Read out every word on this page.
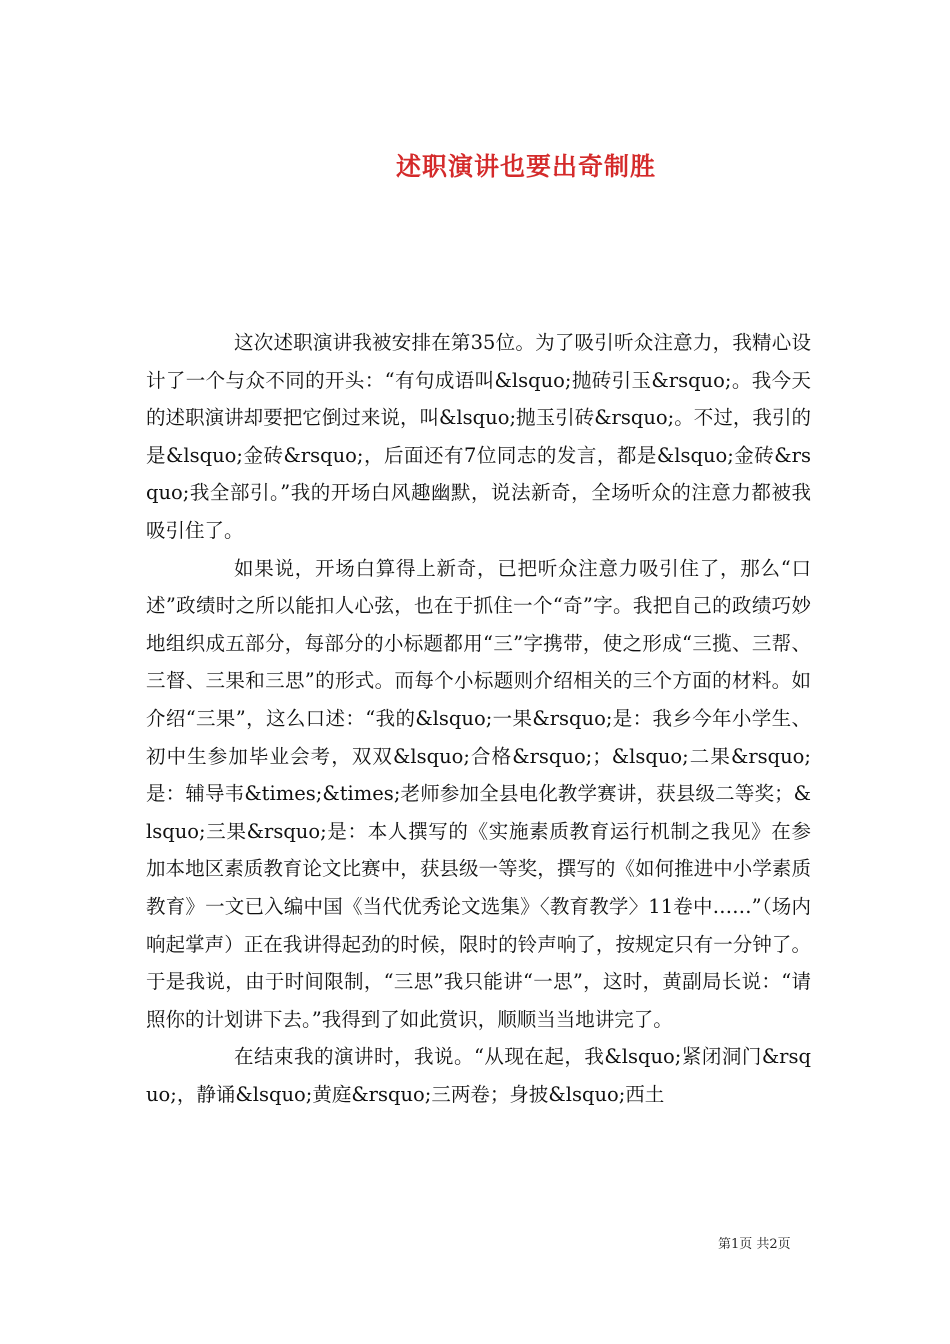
述职演讲也要出奇制胜

这次述职演讲我被安排在第35位。为了吸引听众注意力，我精心设计了一个与众不同的开头：“有句成语叫&lsquo;抛砖引玉&rsquo;。我今天的述职演讲却要把它倒过来说，叫&lsquo;抛玉引砖&rsquo;。不过，我引的是&lsquo;金砖&rsquo;，后面还有7位同志的发言，都是&lsquo;金砖&rsquo;我全部引。”我的开场白风趣幽默，说法新奇，全场听众的注意力都被我吸引住了。

如果说，开场白算得上新奇，已把听众注意力吸引住了，那么“口述”政绩时之所以能扣人心弦，也在于抓住一个“奇”字。我把自己的政绩巧妙地组织成五部分，每部分的小标题都用“三”字携带，使之形成“三揽、三帮、三督、三果和三思”的形式。而每个小标题则介绍相关的三个方面的材料。如介绍“三果”，这么口述：“我的&lsquo;一果&rsquo;是：我乡今年小学生、初中生参加毕业会考，双双&lsquo;合格&rsquo;；&lsquo;二果&rsquo;是：辅导韦&times;&times;老师参加全县电化教学赛讲，获县级二等奖；&lsquo;三果&rsquo;是：本人撰写的《实施素质教育运行机制之我见》在参加本地区素质教育论文比赛中，获县级一等奖，撰写的《如何推进中小学素质教育》一文已入编中国《当代优秀论文选集》〈教育教学〉11卷中……”（场内响起掌声）正在我讲得起劲的时候，限时的铃声响了，按规定只有一分钟了。于是我说，由于时间限制，“三思”我只能讲“一思”，这时，黄副局长说：“请照你的计划讲下去。”我得到了如此赏识，顺顺当当地讲完了。

在结束我的演讲时，我说。“从现在起，我&lsquo;紧闭洞门&rsquo;，静诵&lsquo;黄庭&rsquo;三两卷；身披&lsquo;西土

第1页 共2页
